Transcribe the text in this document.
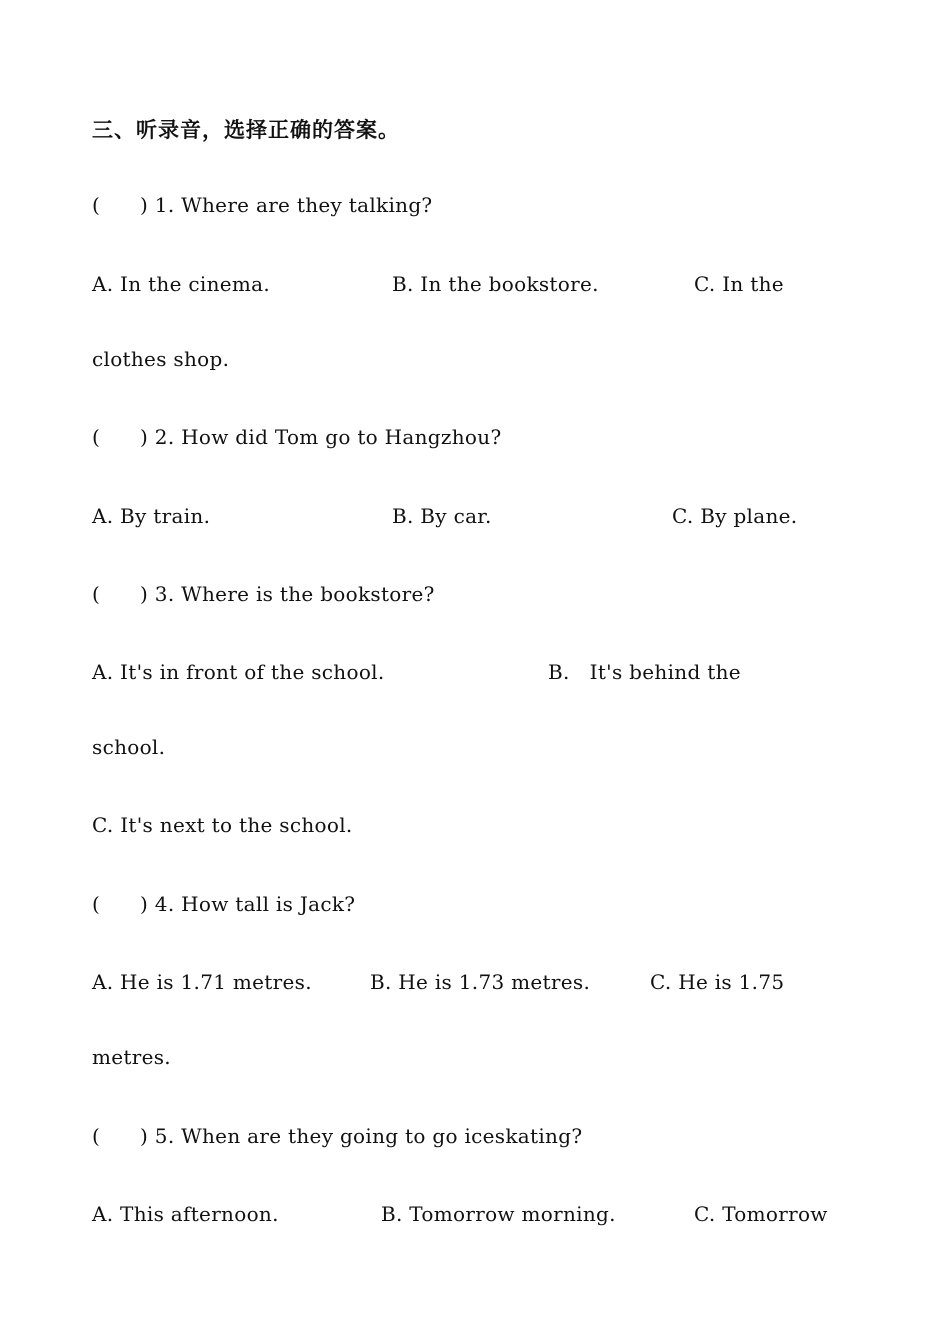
三、听录音，选择正确的答案。
(      ) 1. Where are they talking?
A. In the cinema.	B. In the bookstore.	C. In the
clothes shop.
(      ) 2. How did Tom go to Hangzhou?
A. By train.	B. By car.	C. By plane.
(      ) 3. Where is the bookstore?
A. It's in front of the school.	B.   It's behind the
school.
C. It's next to the school.
(      ) 4. How tall is Jack?
A. He is 1.71 metres.	B. He is 1.73 metres.	C. He is 1.75
metres.
(      ) 5. When are they going to go iceskating?
A. This afternoon.	B. Tomorrow morning.	C. Tomorrow
